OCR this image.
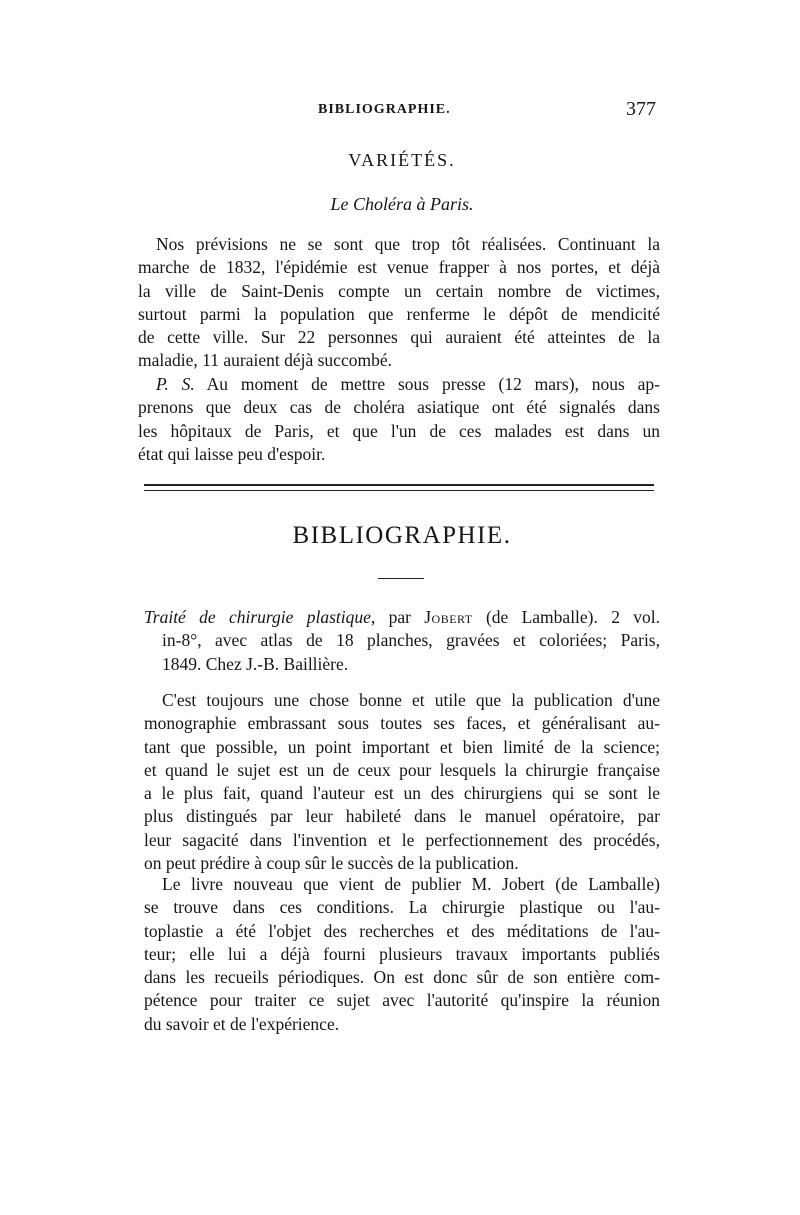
BIBLIOGRAPHIE.	377
VARIÉTÉS.
Le Choléra à Paris.
Nos prévisions ne se sont que trop tôt réalisées. Continuant la
marche de 1832, l'épidémie est venue frapper à nos portes, et déjà
la ville de Saint-Denis compte un certain nombre de victimes,
surtout parmi la population que renferme le dépôt de mendicité
de cette ville. Sur 22 personnes qui auraient été atteintes de la
maladie, 11 auraient déjà succombé.
P. S. Au moment de mettre sous presse (12 mars), nous ap-
prenons que deux cas de choléra asiatique ont été signalés dans
les hôpitaux de Paris, et que l'un de ces malades est dans un
état qui laisse peu d'espoir.
BIBLIOGRAPHIE.
Traité de chirurgie plastique, par Jobert (de Lamballe). 2 vol.
in-8°, avec atlas de 18 planches, gravées et coloriées; Paris,
1849. Chez J.-B. Baillière.
C'est toujours une chose bonne et utile que la publication d'une
monographie embrassant sous toutes ses faces, et généralisant au-
tant que possible, un point important et bien limité de la science;
et quand le sujet est un de ceux pour lesquels la chirurgie française
a le plus fait, quand l'auteur est un des chirurgiens qui se sont le
plus distingués par leur habileté dans le manuel opératoire, par
leur sagacité dans l'invention et le perfectionnement des procédés,
on peut prédire à coup sûr le succès de la publication.
Le livre nouveau que vient de publier M. Jobert (de Lamballe)
se trouve dans ces conditions. La chirurgie plastique ou l'au-
toplastie a été l'objet des recherches et des méditations de l'au-
teur; elle lui a déjà fourni plusieurs travaux importants publiés
dans les recueils périodiques. On est donc sûr de son entière com-
pétence pour traiter ce sujet avec l'autorité qu'inspire la réunion
du savoir et de l'expérience.
